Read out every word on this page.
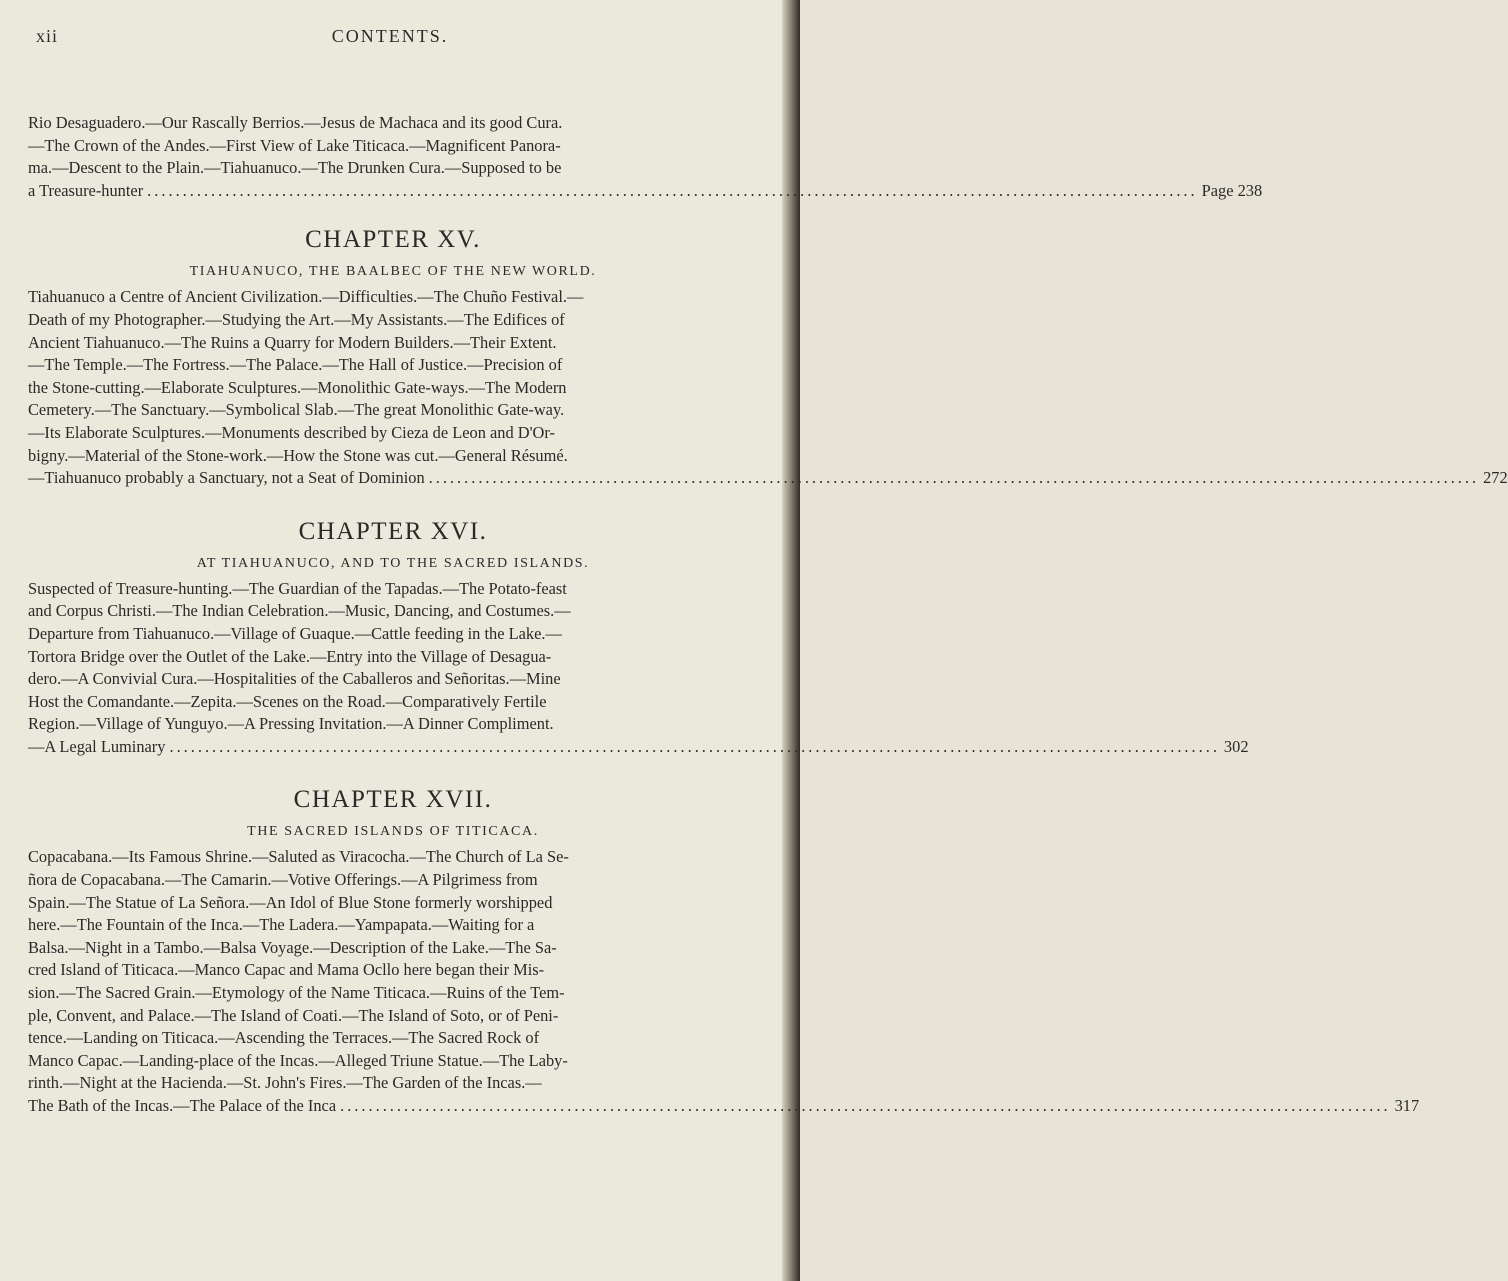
xii	CONTENTS.

Rio Desaguadero.—Our Rascally Berrios.—Jesus de Machaca and its good Cura.

—The Crown of the Andes.—First View of Lake Titicaca.—Magnificent Panora-

ma.—Descent to the Plain.—Tiahuanuco.—The Drunken Cura.—Supposed to be

a Treasure-hunter .................................................................................................................................................... Page 238
CHAPTER XV.
TIAHUANUCO, THE BAALBEC OF THE NEW WORLD.

Tiahuanuco a Centre of Ancient Civilization.—Difficulties.—The Chuño Festival.—

Death of my Photographer.—Studying the Art.—My Assistants.—The Edifices of

Ancient Tiahuanuco.—The Ruins a Quarry for Modern Builders.—Their Extent.

—The Temple.—The Fortress.—The Palace.—The Hall of Justice.—Precision of

the Stone-cutting.—Elaborate Sculptures.—Monolithic Gate-ways.—The Modern

Cemetery.—The Sanctuary.—Symbolical Slab.—The great Monolithic Gate-way.

—Its Elaborate Sculptures.—Monuments described by Cieza de Leon and D'Or-

bigny.—Material of the Stone-work.—How the Stone was cut.—General Résumé.

—Tiahuanuco probably a Sanctuary, not a Seat of Dominion .................................................................................................................................................... 272
CHAPTER XVI.
AT TIAHUANUCO, AND TO THE SACRED ISLANDS.

Suspected of Treasure-hunting.—The Guardian of the Tapadas.—The Potato-feast

and Corpus Christi.—The Indian Celebration.—Music, Dancing, and Costumes.—

Departure from Tiahuanuco.—Village of Guaque.—Cattle feeding in the Lake.—

Tortora Bridge over the Outlet of the Lake.—Entry into the Village of Desagua-

dero.—A Convivial Cura.—Hospitalities of the Caballeros and Señoritas.—Mine

Host the Comandante.—Zepita.—Scenes on the Road.—Comparatively Fertile

Region.—Village of Yunguyo.—A Pressing Invitation.—A Dinner Compliment.

—A Legal Luminary .................................................................................................................................................... 302
CHAPTER XVII.
THE SACRED ISLANDS OF TITICACA.

Copacabana.—Its Famous Shrine.—Saluted as Viracocha.—The Church of La Se-

ñora de Copacabana.—The Camarin.—Votive Offerings.—A Pilgrimess from

Spain.—The Statue of La Señora.—An Idol of Blue Stone formerly worshipped

here.—The Fountain of the Inca.—The Ladera.—Yampapata.—Waiting for a

Balsa.—Night in a Tambo.—Balsa Voyage.—Description of the Lake.—The Sa-

cred Island of Titicaca.—Manco Capac and Mama Ocllo here began their Mis-

sion.—The Sacred Grain.—Etymology of the Name Titicaca.—Ruins of the Tem-

ple, Convent, and Palace.—The Island of Coati.—The Island of Soto, or of Peni-

tence.—Landing on Titicaca.—Ascending the Terraces.—The Sacred Rock of

Manco Capac.—Landing-place of the Incas.—Alleged Triune Statue.—The Laby-

rinth.—Night at the Hacienda.—St. John's Fires.—The Garden of the Incas.—

The Bath of the Incas.—The Palace of the Inca .................................................................................................................................................... 317
